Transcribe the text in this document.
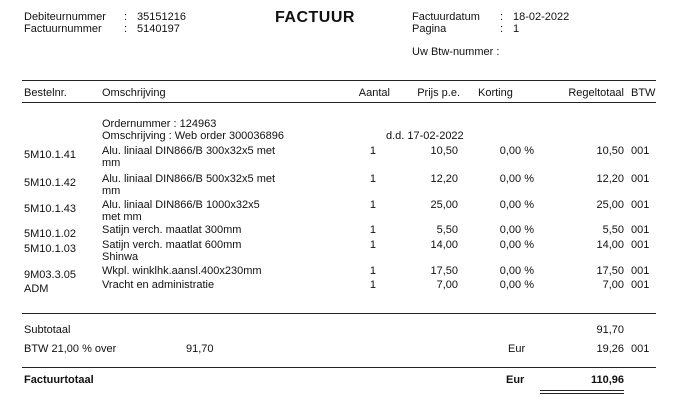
Debiteurnummer : 35151216
Factuurnummer : 5140197
FACTUUR	Factuurdatum : 18-02-2022
Pagina	: 1
Uw Btw-nummer :
Bestelnr.	Omschrijving	Aantal	Prijs p.e. Korting	Regeltotaal BTW
Ordernummer : 124963
Omschrijving : Web order 300036896	d.d. 17-02-2022
5M10.1.41 Alu. liniaal DIN866/B 300x32x5 met	1	10,50	0,00 %	10,50 001
mm
5M10.1.42 Alu. liniaal DIN866/B 500x32x5 met	1	12,20	0,00 %	12,20 001
mm
5M10.1.43 Alu. liniaal DIN866/B 1000x32x5	1	25,00	0,00 %	25,00 001
met mm
5M10.1.02 Satijn verch. maatlat 300mm	1	5,50	0,00 %	5,50 001
5M10.1.03 Satijn verch. maatlat 600mm	1	14,00	0,00 %	14,00 001
Shinwa
9M03.3.05 Wkpl. winklhk.aansl.400x230mm	1	17,50	0,00 %	17,50 001
ADM	Vracht en administratie	1	7,00	0,00 %	7,00 001
Subtotaal	91,70
BTW 21,00 % over	91,70	Eur	19,26 001
Factuurtotaal	Eur	110,96
